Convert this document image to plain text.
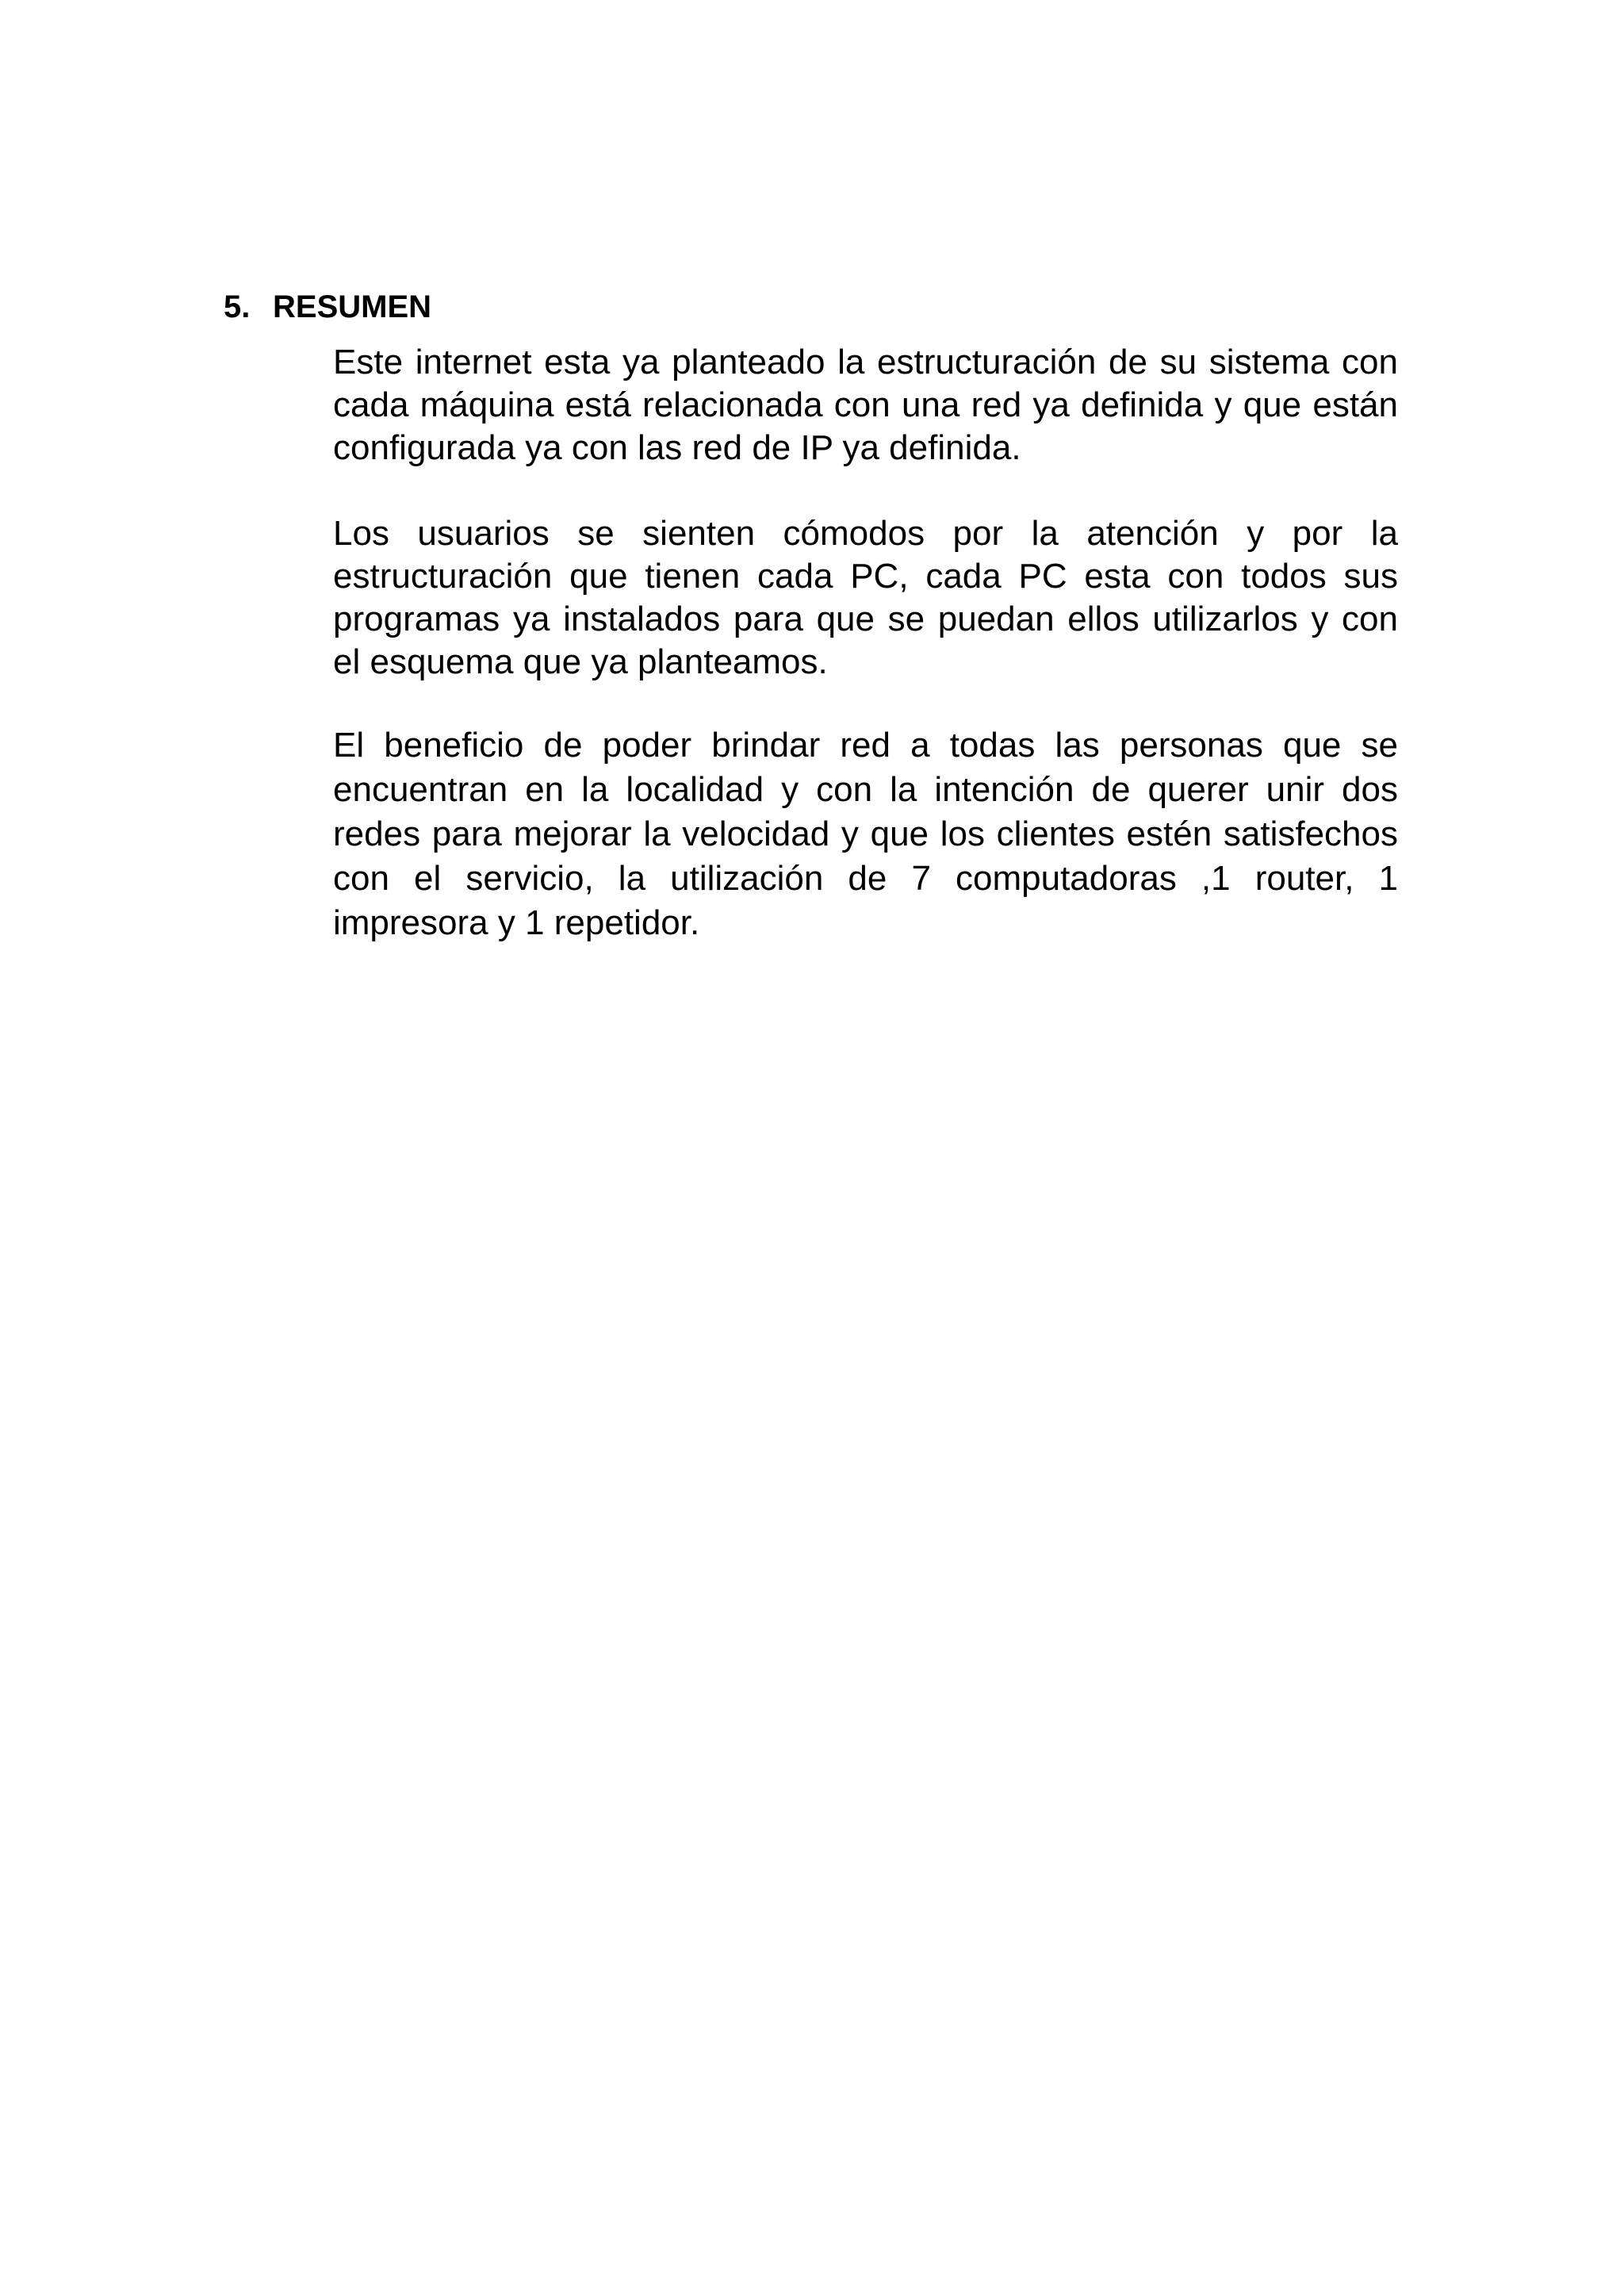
5. RESUMEN

Este internet esta ya planteado la estructuración de su sistema con cada máquina está relacionada con una red ya definida y que están configurada ya con las red de IP ya definida.

Los usuarios se sienten cómodos por la atención y por la estructuración que tienen cada PC, cada PC esta con todos sus programas ya instalados para que se puedan ellos utilizarlos y con el esquema que ya planteamos.

El beneficio de poder brindar red a todas las personas que se encuentran en la localidad y con la intención de querer unir dos redes para mejorar la velocidad y que los clientes estén satisfechos con el servicio, la utilización de 7 computadoras ,1 router, 1 impresora y 1 repetidor.
